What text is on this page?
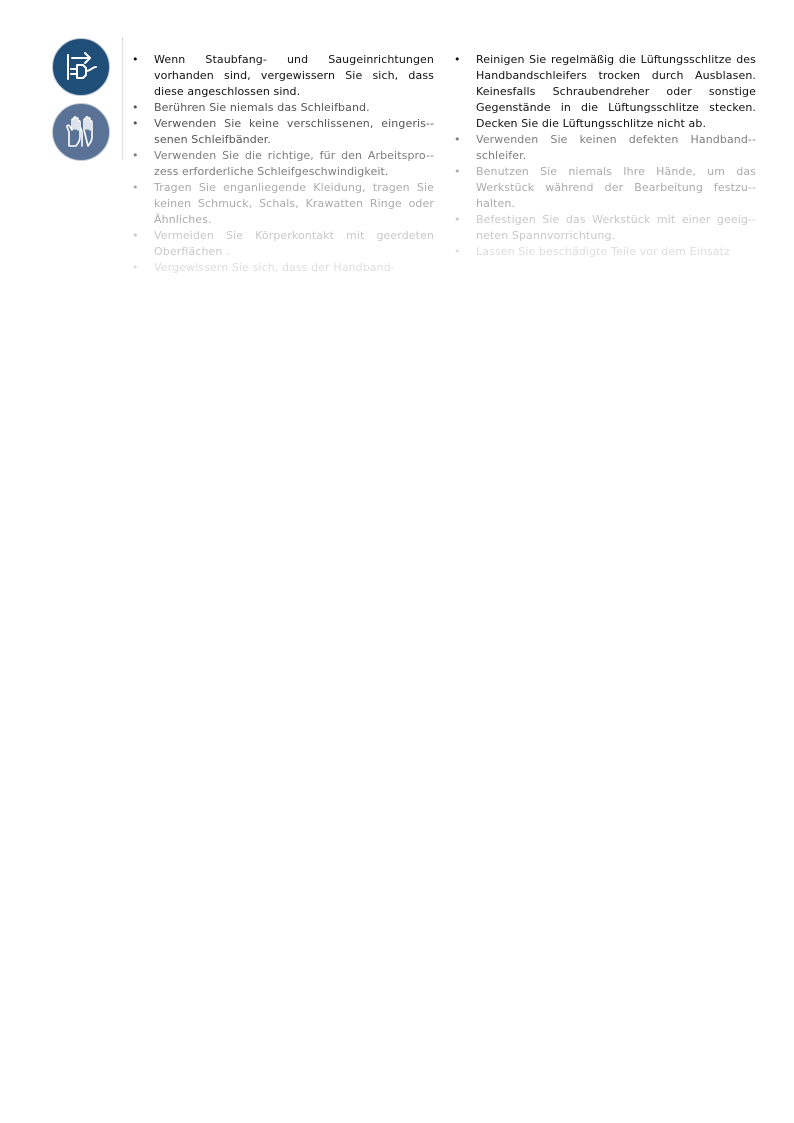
• Wenn Staubfang- und Saugeinrichtungen vorhanden sind, vergewissern Sie sich, dass diese angeschlossen sind.
• Berühren Sie niemals das Schleifband.
• Verwenden Sie keine verschlissenen, eingeris-senen Schleifbänder.
• Verwenden Sie die richtige, für den Arbeitspro-zess erforderliche Schleifgeschwindigkeit.
• Tragen Sie enganliegende Kleidung, tragen Sie keinen Schmuck, Schals, Krawatten Ringe oder Ähnliches.
• Vermeiden Sie Körperkontakt mit geerdeten Oberflächen .
• Vergewissern Sie sich, dass der Handband-
• Reinigen Sie regelmäßig die Lüftungsschlitze des Handbandschleifers trocken durch Ausblasen. Keinesfalls Schraubendreher oder sonstige Gegenstände in die Lüftungsschlitze stecken. Decken Sie die Lüftungsschlitze nicht ab.
• Verwenden Sie keinen defekten Handband-schleifer.
• Benutzen Sie niemals Ihre Hände, um das Werkstück während der Bearbeitung festzu-halten.
• Befestigen Sie das Werkstück mit einer geeig-neten Spannvorrichtung.
• Lassen Sie beschädigte Teile vor dem Einsatz
